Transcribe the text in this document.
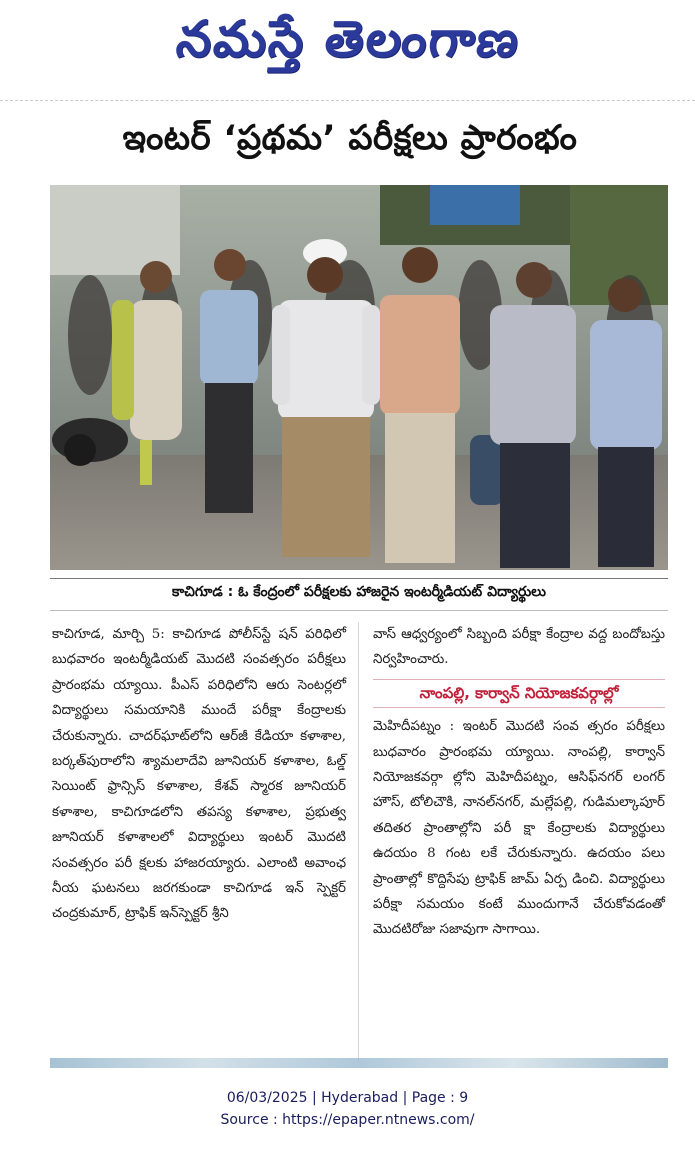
నమస్తే తెలంగాణ
ఇంటర్ ‘ప్రథమ’ పరీక్షలు ప్రారంభం
కాచిగూడ : ఓ కేంద్రంలో పరీక్షలకు హాజరైన ఇంటర్మీడియట్ విద్యార్థులు
కాచిగూడ, మార్చి 5: కాచిగూడ పోలీస్‌స్టే షన్ పరిధిలో బుధవారం ఇంటర్మీడియట్ మొదటి సంవత్సరం పరీక్షలు ప్రారంభమ య్యాయి. పీఎస్ పరిధిలోని ఆరు సెంటర్లలో విద్యార్థులు సమయానికి ముందే పరీక్షా కేంద్రాలకు చేరుకున్నారు. చాదర్‌ఘాట్‌లోని ఆర్‌జీ కేడియా కళాశాల, బర్కత్‌పురాలోని శ్యామలాదేవి జూనియర్ కళాశాల, ఓల్డ్ సెయింట్ ఫ్రాన్సిస్ కళాశాల, కేశవ్ స్మారక జూనియర్ కళాశాల, కాచిగూడలోని తపస్య కళాశాల, ప్రభుత్వ జూనియర్ కళాశాలలో విద్యార్థులు ఇంటర్ మొదటి సంవత్సరం పరీ క్షలకు హాజరయ్యారు. ఎలాంటి అవాంఛ నీయ ఘటనలు జరగకుండా కాచిగూడ ఇన్ స్పెక్టర్ చంద్రకుమార్, ట్రాఫిక్ ఇన్‌స్పెక్టర్ శ్రీని
వాస్ ఆధ్వర్యంలో సిబ్బంది పరీక్షా కేంద్రాల వద్ద బందోబస్తు నిర్వహించారు.
నాంపల్లి, కార్వాన్ నియోజకవర్గాల్లో
మెహిదీపట్నం : ఇంటర్ మొదటి సంవ త్సరం పరీక్షలు బుధవారం ప్రారంభమ య్యాయి. నాంపల్లి, కార్వాన్ నియోజకవర్గా ల్లోని మెహిదీపట్నం, ఆసిఫ్‌నగర్ లంగర్ హౌస్, టోలిచౌకి, నానల్‌నగర్, మల్లేపల్లి, గుడిమల్కాపూర్ తదితర ప్రాంతాల్లోని పరీ క్షా కేంద్రాలకు విద్యార్థులు ఉదయం 8 గంట లకే చేరుకున్నారు. ఉదయం పలు ప్రాంతాల్లో కొద్దిసేపు ట్రాఫిక్ జామ్ ఏర్ప డించి. విద్యార్థులు పరీక్షా సమయం కంటే ముందుగానే చేరుకోవడంతో మొదటిరోజు సజావుగా సాగాయి.
06/03/2025 | Hyderabad | Page : 9
Source : https://epaper.ntnews.com/
